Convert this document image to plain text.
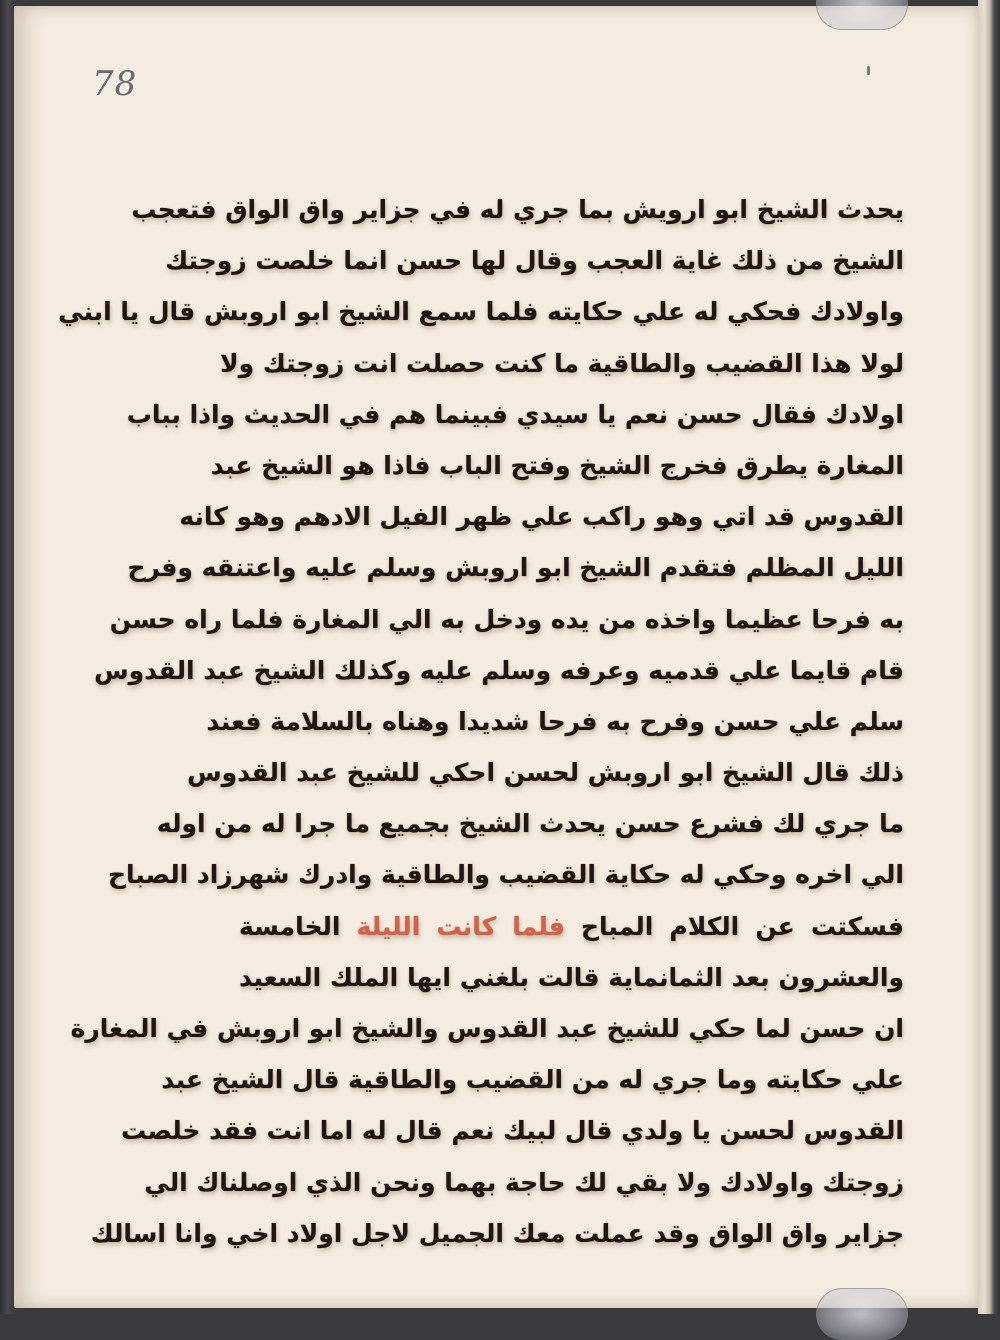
78
يحدث الشيخ ابو ارويش بما جري له في جزاير واق الواق فتعجب
الشيخ من ذلك غاية العجب وقال لها حسن انما خلصت زوجتك
واولادك فحكي له علي حكايته فلما سمع الشيخ ابو اروبش قال يا ابني
لولا هذا القضيب والطاقية ما كنت حصلت انت زوجتك ولا
اولادك فقال حسن نعم يا سيدي فبينما هم في الحديث واذا بباب
المغارة يطرق فخرج الشيخ وفتح الباب فاذا هو الشيخ عبد
القدوس قد اتي وهو راكب علي ظهر الفيل الادهم وهو كانه
الليل المظلم فتقدم الشيخ ابو اروبش وسلم عليه واعتنقه وفرح
به فرحا عظيما واخذه من يده ودخل به الي المغارة فلما راه حسن
قام قايما علي قدميه وعرفه وسلم عليه وكذلك الشيخ عبد القدوس
سلم علي حسن وفرح به فرحا شديدا وهناه بالسلامة فعند
ذلك قال الشيخ ابو اروبش لحسن احكي للشيخ عبد القدوس
ما جري لك فشرع حسن يحدث الشيخ بجميع ما جرا له من اوله
الي اخره وحكي له حكاية القضيب والطاقية وادرك شهرزاد الصباح
فسكتت عن الكلام المباح فلما كانت الليلة الخامسة
والعشرون بعد الثمانماية قالت بلغني ايها الملك السعيد
ان حسن لما حكي للشيخ عبد القدوس والشيخ ابو اروبش في المغارة
علي حكايته وما جري له من القضيب والطاقية قال الشيخ عبد
القدوس لحسن يا ولدي قال لبيك نعم قال له اما انت فقد خلصت
زوجتك واولادك ولا بقي لك حاجة بهما ونحن الذي اوصلناك الي
جزاير واق الواق وقد عملت معك الجميل لاجل اولاد اخي وانا اسالك
